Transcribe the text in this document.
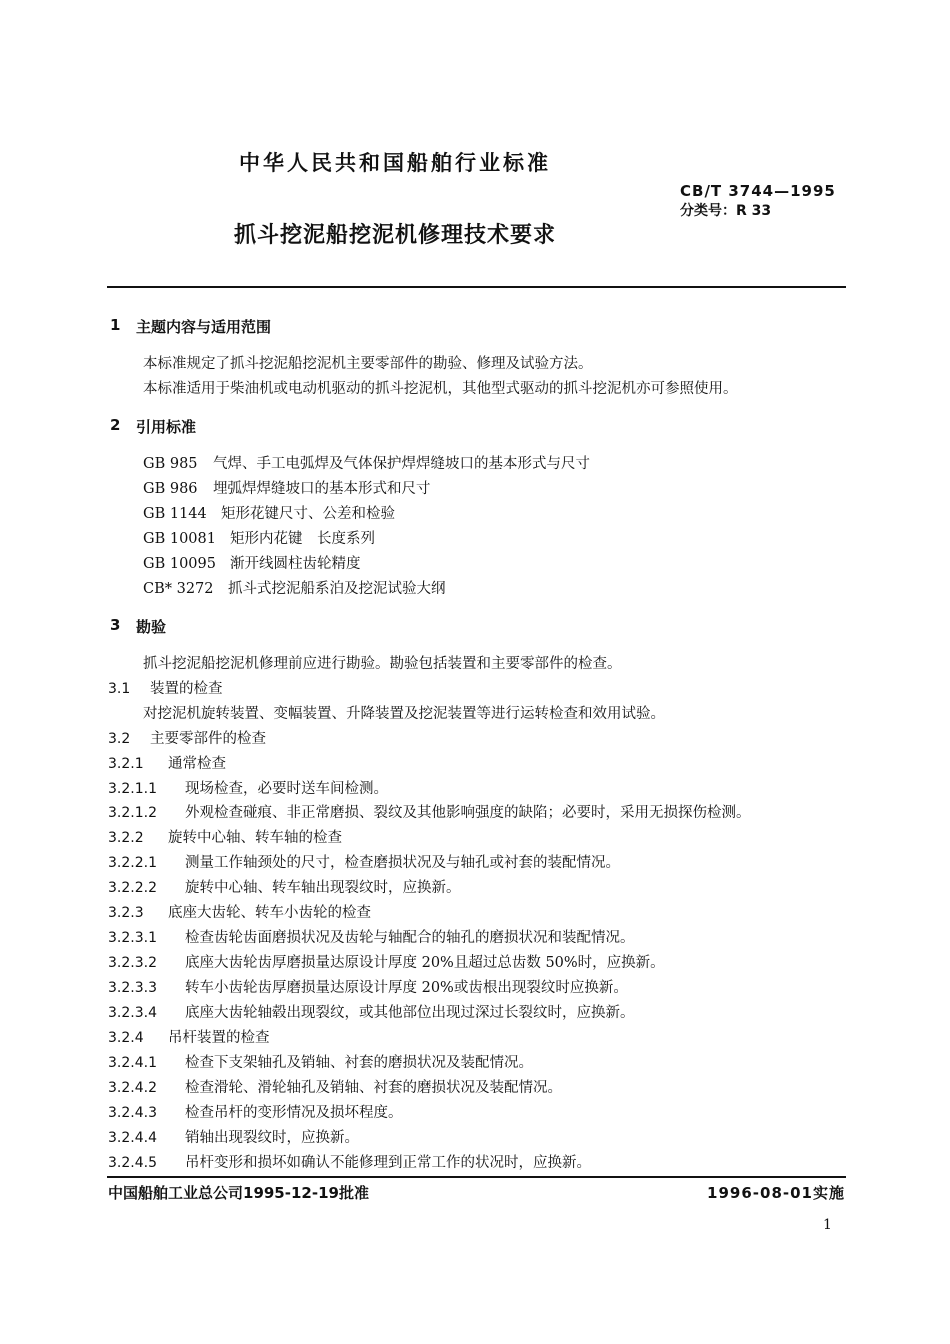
中华人民共和国船舶行业标准
CB/T 3744—1995
分类号：R 33
抓斗挖泥船挖泥机修理技术要求
1 主题内容与适用范围
本标准规定了抓斗挖泥船挖泥机主要零部件的勘验、修理及试验方法。
本标准适用于柴油机或电动机驱动的抓斗挖泥机，其他型式驱动的抓斗挖泥机亦可参照使用。
2 引用标准
GB 985 气焊、手工电弧焊及气体保护焊焊缝坡口的基本形式与尺寸
GB 986 埋弧焊焊缝坡口的基本形式和尺寸
GB 1144 矩形花键尺寸、公差和检验
GB 10081 矩形内花键　长度系列
GB 10095 渐开线圆柱齿轮精度
CB* 3272 抓斗式挖泥船系泊及挖泥试验大纲
3 勘验
抓斗挖泥船挖泥机修理前应进行勘验。勘验包括装置和主要零部件的检查。
3.1 装置的检查
对挖泥机旋转装置、变幅装置、升降装置及挖泥装置等进行运转检查和效用试验。
3.2 主要零部件的检查
3.2.1 通常检查
3.2.1.1 现场检查，必要时送车间检测。
3.2.1.2 外观检查碰痕、非正常磨损、裂纹及其他影响强度的缺陷；必要时，采用无损探伤检测。
3.2.2 旋转中心轴、转车轴的检查
3.2.2.1 测量工作轴颈处的尺寸，检查磨损状况及与轴孔或衬套的装配情况。
3.2.2.2 旋转中心轴、转车轴出现裂纹时，应换新。
3.2.3 底座大齿轮、转车小齿轮的检查
3.2.3.1 检查齿轮齿面磨损状况及齿轮与轴配合的轴孔的磨损状况和装配情况。
3.2.3.2 底座大齿轮齿厚磨损量达原设计厚度 20%且超过总齿数 50%时，应换新。
3.2.3.3 转车小齿轮齿厚磨损量达原设计厚度 20%或齿根出现裂纹时应换新。
3.2.3.4 底座大齿轮轴毂出现裂纹，或其他部位出现过深过长裂纹时，应换新。
3.2.4 吊杆装置的检查
3.2.4.1 检查下支架轴孔及销轴、衬套的磨损状况及装配情况。
3.2.4.2 检查滑轮、滑轮轴孔及销轴、衬套的磨损状况及装配情况。
3.2.4.3 检查吊杆的变形情况及损坏程度。
3.2.4.4 销轴出现裂纹时，应换新。
3.2.4.5 吊杆变形和损坏如确认不能修理到正常工作的状况时，应换新。
中国船舶工业总公司1995-12-19批准	1996-08-01实施
1
